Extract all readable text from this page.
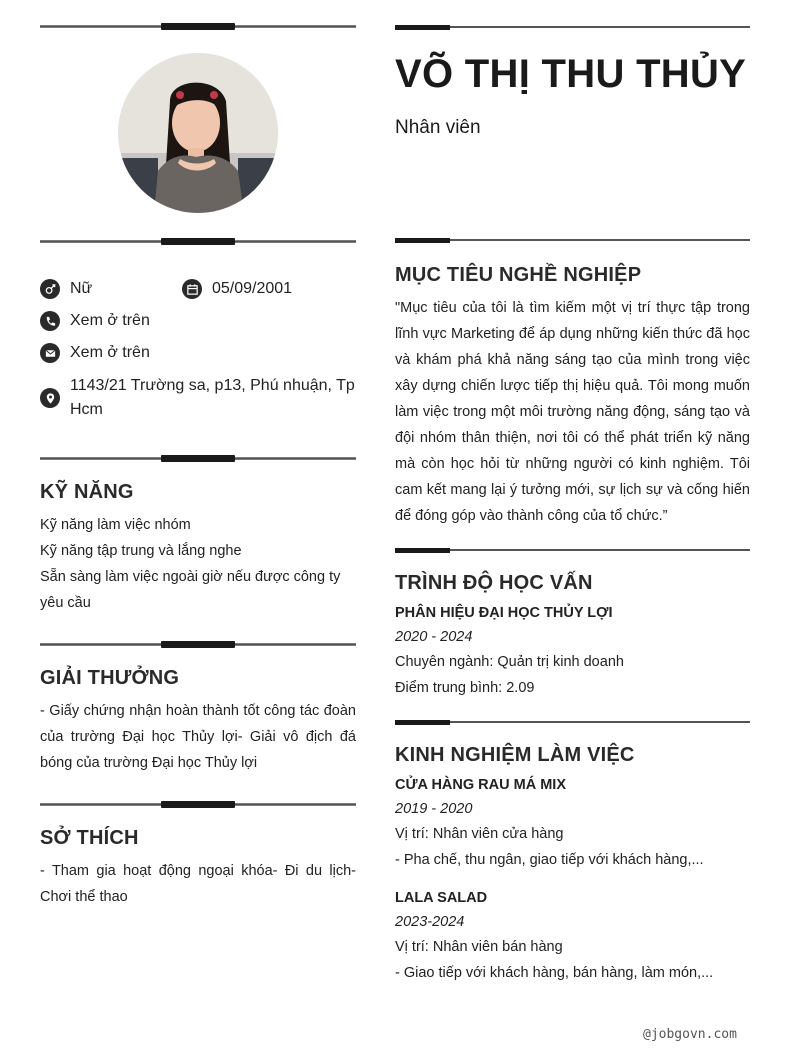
Nữ	05/09/2001
Xem ở trên
Xem ở trên
1143/21 Trường sa, p13, Phú nhuận, Tp Hcm
KỸ NĂNG
Kỹ năng làm việc nhóm
Kỹ năng tập trung và lắng nghe
Sẵn sàng làm việc ngoài giờ nếu được công ty yêu cầu
GIẢI THƯỞNG
- Giấy chứng nhận hoàn thành tốt công tác đoàn của trường Đại học Thủy lợi- Giải vô địch đá bóng của trường Đại học Thủy lợi
SỞ THÍCH
- Tham gia hoạt động ngoại khóa- Đi du lịch- Chơi thể thao
VÕ THỊ THU THỦY
Nhân viên
MỤC TIÊU NGHỀ NGHIỆP
"Mục tiêu của tôi là tìm kiếm một vị trí thực tập trong lĩnh vực Marketing để áp dụng những kiến thức đã học và khám phá khả năng sáng tạo của mình trong việc xây dựng chiến lược tiếp thị hiệu quả. Tôi mong muốn làm việc trong một môi trường năng động, sáng tạo và đội nhóm thân thiện, nơi tôi có thể phát triển kỹ năng mà còn học hỏi từ những người có kinh nghiệm. Tôi cam kết mang lại ý tưởng mới, sự lịch sự và cống hiến để đóng góp vào thành công của tổ chức.”
TRÌNH ĐỘ HỌC VẤN
PHÂN HIỆU ĐẠI HỌC THỦY LỢI
2020 - 2024
Chuyên ngành: Quản trị kinh doanh
Điểm trung bình: 2.09
KINH NGHIỆM LÀM VIỆC
CỬA HÀNG RAU MÁ MIX
2019 - 2020
Vị trí: Nhân viên cửa hàng
- Pha chế, thu ngân, giao tiếp với khách hàng,...
LALA SALAD
2023-2024
Vị trí: Nhân viên bán hàng
- Giao tiếp với khách hàng, bán hàng, làm món,...
@jobgovn.com
